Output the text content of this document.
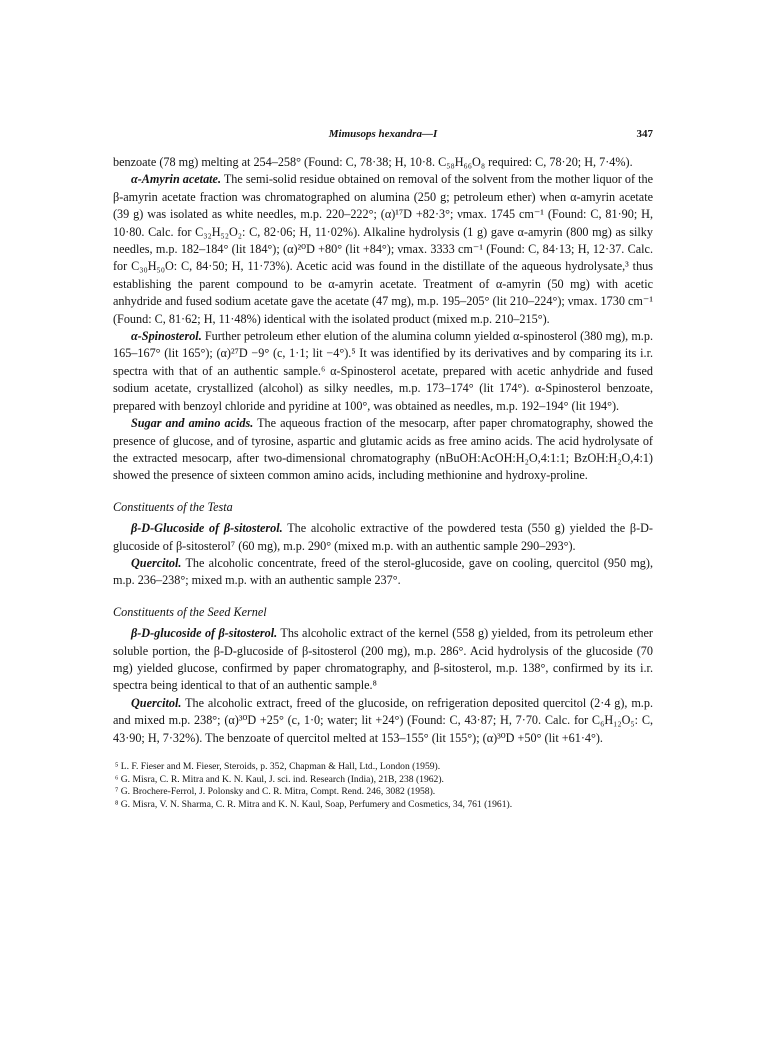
Mimusops hexandra—I	347

benzoate (78 mg) melting at 254–258° (Found: C, 78·38; H, 10·8. C₅₈H₆₆O₈ required: C, 78·20; H, 7·4%).

α-Amyrin acetate. The semi-solid residue obtained on removal of the solvent from the mother liquor of the β-amyrin acetate fraction was chromatographed on alumina (250 g; petroleum ether) when α-amyrin acetate (39 g) was isolated as white needles, m.p. 220–222°; (α)¹⁷D +82·3°; νmax. 1745 cm⁻¹ (Found: C, 81·90; H, 10·80. Calc. for C₃₂H₅₂O₂: C, 82·06; H, 11·02%). Alkaline hydrolysis (1 g) gave α-amyrin (800 mg) as silky needles, m.p. 182–184° (lit 184°); (α)²⁰D +80° (lit +84°); νmax. 3333 cm⁻¹ (Found: C, 84·13; H, 12·37. Calc. for C₃₀H₅₀O: C, 84·50; H, 11·73%). Acetic acid was found in the distillate of the aqueous hydrolysate,³ thus establishing the parent compound to be α-amyrin acetate. Treatment of α-amyrin (50 mg) with acetic anhydride and fused sodium acetate gave the acetate (47 mg), m.p. 195–205° (lit 210–224°); νmax. 1730 cm⁻¹ (Found: C, 81·62; H, 11·48%) identical with the isolated product (mixed m.p. 210–215°).

α-Spinosterol. Further petroleum ether elution of the alumina column yielded α-spinosterol (380 mg), m.p. 165–167° (lit 165°); (α)²⁷D −9° (c, 1·1; lit −4°).⁵ It was identified by its derivatives and by comparing its i.r. spectra with that of an authentic sample.⁶ α-Spinosterol acetate, prepared with acetic anhydride and fused sodium acetate, crystallized (alcohol) as silky needles, m.p. 173–174° (lit 174°). α-Spinosterol benzoate, prepared with benzoyl chloride and pyridine at 100°, was obtained as needles, m.p. 192–194° (lit 194°).

Sugar and amino acids. The aqueous fraction of the mesocarp, after paper chromatography, showed the presence of glucose, and of tyrosine, aspartic and glutamic acids as free amino acids. The acid hydrolysate of the extracted mesocarp, after two-dimensional chromatography (nBuOH:AcOH:H₂O,4:1:1; BzOH:H₂O,4:1) showed the presence of sixteen common amino acids, including methionine and hydroxy-proline.

Constituents of the Testa

β-D-Glucoside of β-sitosterol. The alcoholic extractive of the powdered testa (550 g) yielded the β-D-glucoside of β-sitosterol⁷ (60 mg), m.p. 290° (mixed m.p. with an authentic sample 290–293°).

Quercitol. The alcoholic concentrate, freed of the sterol-glucoside, gave on cooling, quercitol (950 mg), m.p. 236–238°; mixed m.p. with an authentic sample 237°.

Constituents of the Seed Kernel

β-D-glucoside of β-sitosterol. Ths alcoholic extract of the kernel (558 g) yielded, from its petroleum ether soluble portion, the β-D-glucoside of β-sitosterol (200 mg), m.p. 286°. Acid hydrolysis of the glucoside (70 mg) yielded glucose, confirmed by paper chromatography, and β-sitosterol, m.p. 138°, confirmed by its i.r. spectra being identical to that of an authentic sample.⁸

Quercitol. The alcoholic extract, freed of the glucoside, on refrigeration deposited quercitol (2·4 g), m.p. and mixed m.p. 238°; (α)³⁰D +25° (c, 1·0; water; lit +24°) (Found: C, 43·87; H, 7·70. Calc. for C₆H₁₂O₅: C, 43·90; H, 7·32%). The benzoate of quercitol melted at 153–155° (lit 155°); (α)³⁰D +50° (lit +61·4°).

⁵ L. F. Fieser and M. Fieser, Steroids, p. 352, Chapman & Hall, Ltd., London (1959).
⁶ G. Misra, C. R. Mitra and K. N. Kaul, J. sci. ind. Research (India), 21B, 238 (1962).
⁷ G. Brochere-Ferrol, J. Polonsky and C. R. Mitra, Compt. Rend. 246, 3082 (1958).
⁸ G. Misra, V. N. Sharma, C. R. Mitra and K. N. Kaul, Soap, Perfumery and Cosmetics, 34, 761 (1961).
